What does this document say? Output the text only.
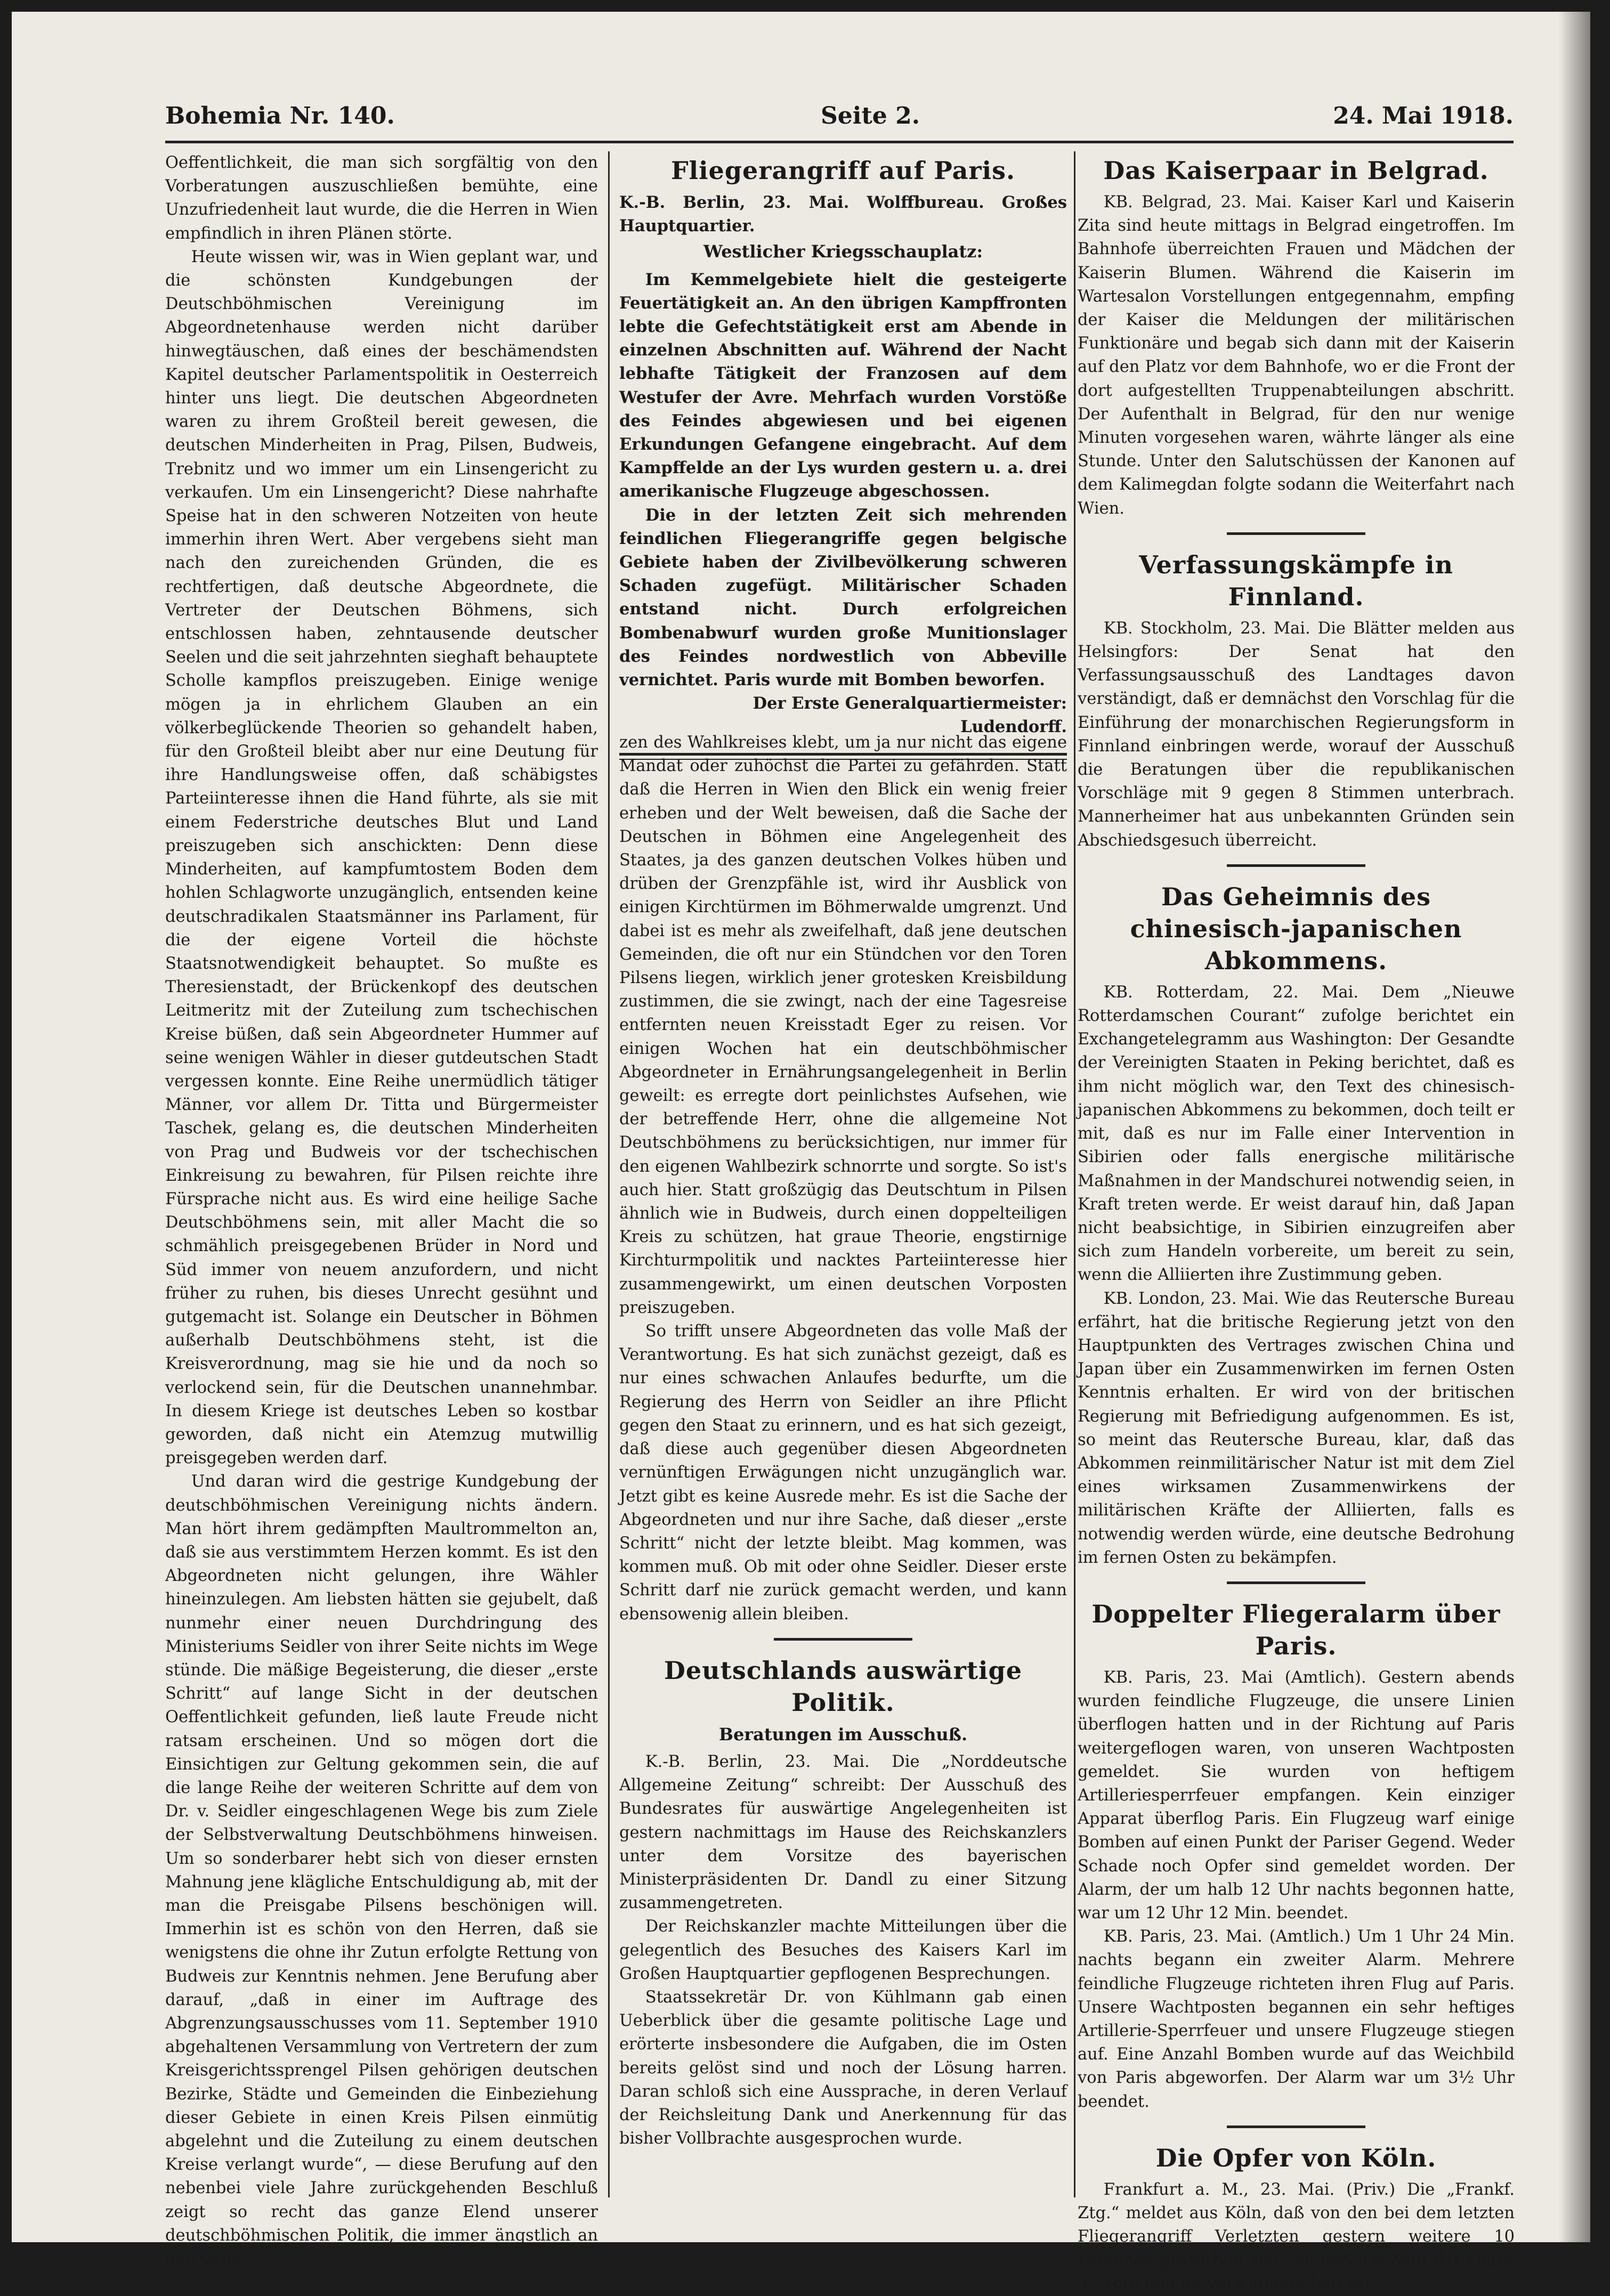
Bohemia Nr. 140.	Seite 2.	24. Mai 1918.

Oeffentlichkeit, die man sich sorgfältig von den Vorberatungen auszuschließen bemühte, eine Unzufriedenheit laut wurde, die die Herren in Wien empfindlich in ihren Plänen störte.

Heute wissen wir, was in Wien geplant war, und die schönsten Kundgebungen der Deutschböhmischen Vereinigung im Abgeordnetenhause werden nicht darüber hinwegtäuschen, daß eines der beschämendsten Kapitel deutscher Parlamentspolitik in Oesterreich hinter uns liegt. Die deutschen Abgeordneten waren zu ihrem Großteil bereit gewesen, die deutschen Minderheiten in Prag, Pilsen, Budweis, Trebnitz und wo immer um ein Linsengericht zu verkaufen. Um ein Linsengericht? Diese nahrhafte Speise hat in den schweren Notzeiten von heute immerhin ihren Wert. Aber vergebens sieht man nach den zureichenden Gründen, die es rechtfertigen, daß deutsche Abgeordnete, die Vertreter der Deutschen Böhmens, sich entschlossen haben, zehntausende deutscher Seelen und die seit jahrzehnten sieghaft behauptete Scholle kampflos preiszugeben. Einige wenige mögen ja in ehrlichem Glauben an ein völkerbeglückende Theorien so gehandelt haben, für den Großteil bleibt aber nur eine Deutung für ihre Handlungsweise offen, daß schäbigstes Parteiinteresse ihnen die Hand führte, als sie mit einem Federstriche deutsches Blut und Land preiszugeben sich anschickten: Denn diese Minderheiten, auf kampfumtostem Boden dem hohlen Schlagworte unzugänglich, entsenden keine deutschradikalen Staatsmänner ins Parlament, für die der eigene Vorteil die höchste Staatsnotwendigkeit behauptet. So mußte es Theresienstadt, der Brückenkopf des deutschen Leitmeritz mit der Zuteilung zum tschechischen Kreise büßen, daß sein Abgeordneter Hummer auf seine wenigen Wähler in dieser gutdeutschen Stadt vergessen konnte. Eine Reihe unermüdlich tätiger Männer, vor allem Dr. Titta und Bürgermeister Taschek, gelang es, die deutschen Minderheiten von Prag und Budweis vor der tschechischen Einkreisung zu bewahren, für Pilsen reichte ihre Fürsprache nicht aus. Es wird eine heilige Sache Deutschböhmens sein, mit aller Macht die so schmählich preisgegebenen Brüder in Nord und Süd immer von neuem anzufordern, und nicht früher zu ruhen, bis dieses Unrecht gesühnt und gutgemacht ist. Solange ein Deutscher in Böhmen außerhalb Deutschböhmens steht, ist die Kreisverordnung, mag sie hie und da noch so verlockend sein, für die Deutschen unannehmbar. In diesem Kriege ist deutsches Leben so kostbar geworden, daß nicht ein Atemzug mutwillig preisgegeben werden darf.

Und daran wird die gestrige Kundgebung der deutschböhmischen Vereinigung nichts ändern. Man hört ihrem gedämpften Maultrommelton an, daß sie aus verstimmtem Herzen kommt. Es ist den Abgeordneten nicht gelungen, ihre Wähler hineinzulegen. Am liebsten hätten sie gejubelt, daß nunmehr einer neuen Durchdringung des Ministeriums Seidler von ihrer Seite nichts im Wege stünde. Die mäßige Begeisterung, die dieser „erste Schritt“ auf lange Sicht in der deutschen Oeffentlichkeit gefunden, ließ laute Freude nicht ratsam erscheinen. Und so mögen dort die Einsichtigen zur Geltung gekommen sein, die auf die lange Reihe der weiteren Schritte auf dem von Dr. v. Seidler eingeschlagenen Wege bis zum Ziele der Selbstverwaltung Deutschböhmens hinweisen. Um so sonderbarer hebt sich von dieser ernsten Mahnung jene klägliche Entschuldigung ab, mit der man die Preisgabe Pilsens beschönigen will. Immerhin ist es schön von den Herren, daß sie wenigstens die ohne ihr Zutun erfolgte Rettung von Budweis zur Kenntnis nehmen. Jene Berufung aber darauf, „daß in einer im Auftrage des Abgrenzungsausschusses vom 11. September 1910 abgehaltenen Versammlung von Vertretern der zum Kreisgerichtssprengel Pilsen gehörigen deutschen Bezirke, Städte und Gemeinden die Einbeziehung dieser Gebiete in einen Kreis Pilsen einmütig abgelehnt und die Zuteilung zu einem deutschen Kreise verlangt wurde“, — diese Berufung auf den nebenbei viele Jahre zurückgehenden Beschluß zeigt so recht das ganze Elend unserer deutschböhmischen Politik, die immer ängstlich an den Gren-

Fliegerangriff auf Paris.

K.-B. Berlin, 23. Mai. Wolffbureau. Großes Hauptquartier.

Westlicher Kriegsschauplatz:

Im Kemmelgebiete hielt die gesteigerte Feuertätigkeit an. An den übrigen Kampffronten lebte die Gefechtstätigkeit erst am Abende in einzelnen Abschnitten auf. Während der Nacht lebhafte Tätigkeit der Franzosen auf dem Westufer der Avre. Mehrfach wurden Vorstöße des Feindes abgewiesen und bei eigenen Erkundungen Gefangene eingebracht. Auf dem Kampffelde an der Lys wurden gestern u. a. drei amerikanische Flugzeuge abgeschossen.

Die in der letzten Zeit sich mehrenden feindlichen Fliegerangriffe gegen belgische Gebiete haben der Zivilbevölkerung schweren Schaden zugefügt. Militärischer Schaden entstand nicht. Durch erfolgreichen Bombenabwurf wurden große Munitionslager des Feindes nordwestlich von Abbeville vernichtet. Paris wurde mit Bomben beworfen.

Der Erste Generalquartiermeister: Ludendorff.

zen des Wahlkreises klebt, um ja nur nicht das eigene Mandat oder zuhöchst die Partei zu gefährden. Statt daß die Herren in Wien den Blick ein wenig freier erheben und der Welt beweisen, daß die Sache der Deutschen in Böhmen eine Angelegenheit des Staates, ja des ganzen deutschen Volkes hüben und drüben der Grenzpfähle ist, wird ihr Ausblick von einigen Kirchtürmen im Böhmerwalde umgrenzt. Und dabei ist es mehr als zweifelhaft, daß jene deutschen Gemeinden, die oft nur ein Stündchen vor den Toren Pilsens liegen, wirklich jener grotesken Kreisbildung zustimmen, die sie zwingt, nach der eine Tagesreise entfernten neuen Kreisstadt Eger zu reisen. Vor einigen Wochen hat ein deutschböhmischer Abgeordneter in Ernährungsangelegenheit in Berlin geweilt: es erregte dort peinlichstes Aufsehen, wie der betreffende Herr, ohne die allgemeine Not Deutschböhmens zu berücksichtigen, nur immer für den eigenen Wahlbezirk schnorrte und sorgte. So ist's auch hier. Statt großzügig das Deutschtum in Pilsen ähnlich wie in Budweis, durch einen doppelteiligen Kreis zu schützen, hat graue Theorie, engstirnige Kirchturmpolitik und nacktes Parteiinteresse hier zusammengewirkt, um einen deutschen Vorposten preiszugeben.

So trifft unsere Abgeordneten das volle Maß der Verantwortung. Es hat sich zunächst gezeigt, daß es nur eines schwachen Anlaufes bedurfte, um die Regierung des Herrn von Seidler an ihre Pflicht gegen den Staat zu erinnern, und es hat sich gezeigt, daß diese auch gegenüber diesen Abgeordneten vernünftigen Erwägungen nicht unzugänglich war. Jetzt gibt es keine Ausrede mehr. Es ist die Sache der Abgeordneten und nur ihre Sache, daß dieser „erste Schritt“ nicht der letzte bleibt. Mag kommen, was kommen muß. Ob mit oder ohne Seidler. Dieser erste Schritt darf nie zurück gemacht werden, und kann ebensowenig allein bleiben.

Deutschlands auswärtige Politik.
Beratungen im Ausschuß.

K.-B. Berlin, 23. Mai. Die „Norddeutsche Allgemeine Zeitung“ schreibt: Der Ausschuß des Bundesrates für auswärtige Angelegenheiten ist gestern nachmittags im Hause des Reichskanzlers unter dem Vorsitze des bayerischen Ministerpräsidenten Dr. Dandl zu einer Sitzung zusammengetreten.

Der Reichskanzler machte Mitteilungen über die gelegentlich des Besuches des Kaisers Karl im Großen Hauptquartier gepflogenen Besprechungen.

Staatssekretär Dr. von Kühlmann gab einen Ueberblick über die gesamte politische Lage und erörterte insbesondere die Aufgaben, die im Osten bereits gelöst sind und noch der Lösung harren. Daran schloß sich eine Aussprache, in deren Verlauf der Reichsleitung Dank und Anerkennung für das bisher Vollbrachte ausgesprochen wurde.

Das Kaiserpaar in Belgrad.

KB. Belgrad, 23. Mai. Kaiser Karl und Kaiserin Zita sind heute mittags in Belgrad eingetroffen. Im Bahnhofe überreichten Frauen und Mädchen der Kaiserin Blumen. Während die Kaiserin im Wartesalon Vorstellungen entgegennahm, empfing der Kaiser die Meldungen der militärischen Funktionäre und begab sich dann mit der Kaiserin auf den Platz vor dem Bahnhofe, wo er die Front der dort aufgestellten Truppenabteilungen abschritt. Der Aufenthalt in Belgrad, für den nur wenige Minuten vorgesehen waren, währte länger als eine Stunde. Unter den Salutschüssen der Kanonen auf dem Kalimegdan folgte sodann die Weiterfahrt nach Wien.

Verfassungskämpfe in Finnland.

KB. Stockholm, 23. Mai. Die Blätter melden aus Helsingfors: Der Senat hat den Verfassungsausschuß des Landtages davon verständigt, daß er demnächst den Vorschlag für die Einführung der monarchischen Regierungsform in Finnland einbringen werde, worauf der Ausschuß die Beratungen über die republikanischen Vorschläge mit 9 gegen 8 Stimmen unterbrach. Mannerheimer hat aus unbekannten Gründen sein Abschiedsgesuch überreicht.

Das Geheimnis des chinesisch-japanischen Abkommens.

KB. Rotterdam, 22. Mai. Dem „Nieuwe Rotterdamschen Courant“ zufolge berichtet ein Exchangetelegramm aus Washington: Der Gesandte der Vereinigten Staaten in Peking berichtet, daß es ihm nicht möglich war, den Text des chinesisch-japanischen Abkommens zu bekommen, doch teilt er mit, daß es nur im Falle einer Intervention in Sibirien oder falls energische militärische Maßnahmen in der Mandschurei notwendig seien, in Kraft treten werde. Er weist darauf hin, daß Japan nicht beabsichtige, in Sibirien einzugreifen aber sich zum Handeln vorbereite, um bereit zu sein, wenn die Alliierten ihre Zustimmung geben.

KB. London, 23. Mai. Wie das Reutersche Bureau erfährt, hat die britische Regierung jetzt von den Hauptpunkten des Vertrages zwischen China und Japan über ein Zusammenwirken im fernen Osten Kenntnis erhalten. Er wird von der britischen Regierung mit Befriedigung aufgenommen. Es ist, so meint das Reutersche Bureau, klar, daß das Abkommen reinmilitärischer Natur ist mit dem Ziel eines wirksamen Zusammenwirkens der militärischen Kräfte der Alliierten, falls es notwendig werden würde, eine deutsche Bedrohung im fernen Osten zu bekämpfen.

Doppelter Fliegeralarm über Paris.

KB. Paris, 23. Mai (Amtlich). Gestern abends wurden feindliche Flugzeuge, die unsere Linien überflogen hatten und in der Richtung auf Paris weitergeflogen waren, von unseren Wachtposten gemeldet. Sie wurden von heftigem Artilleriesperrfeuer empfangen. Kein einziger Apparat überflog Paris. Ein Flugzeug warf einige Bomben auf einen Punkt der Pariser Gegend. Weder Schade noch Opfer sind gemeldet worden. Der Alarm, der um halb 12 Uhr nachts begonnen hatte, war um 12 Uhr 12 Min. beendet.

KB. Paris, 23. Mai. (Amtlich.) Um 1 Uhr 24 Min. nachts begann ein zweiter Alarm. Mehrere feindliche Flugzeuge richteten ihren Flug auf Paris. Unsere Wachtposten begannen ein sehr heftiges Artillerie-Sperrfeuer und unsere Flugzeuge stiegen auf. Eine Anzahl Bomben wurde auf das Weichbild von Paris abgeworfen. Der Alarm war um 3½ Uhr beendet.

Die Opfer von Köln.

Frankfurt a. M., 23. Mai. (Priv.) Die „Frankf. Ztg.“ meldet aus Köln, daß von den bei dem letzten Fliegerangriff Verletzten gestern weitere 10 Personen gestorben sind, so daß die Zahl der Opfer 35 Tote und 85 Verwundete beträgt.
